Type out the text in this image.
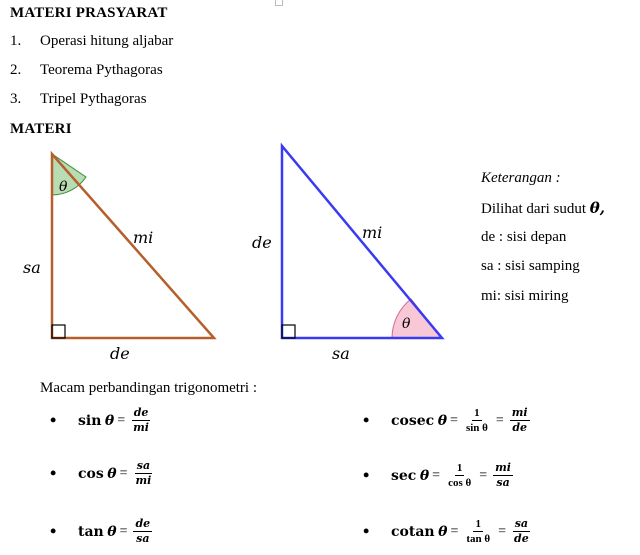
MATERI PRASYARAT
1. Operasi hitung aljabar
2. Teorema Pythagoras
3. Tripel Pythagoras
MATERI
θ
sa
mi
de
θ
de
mi
sa
Keterangan :
Dilihat dari sudut θ,
de : sisi depan
sa : sisi samping
mi: sisi miring
Macam perbandingan trigonometri :
•	sin
$\theta = \frac{de}{mi}$
•	cos
$\theta = \frac{sa}{mi}$
•	tan
$\theta = \frac{de}{sa}$
•	cosec
$\theta = \frac{1}{\text{sin θ}} = \frac{mi}{de}$
•	sec
$\theta = \frac{1}{\text{cos θ}} = \frac{mi}{sa}$
•	cotan
$\theta = \frac{1}{\text{tan θ}} = \frac{sa}{de}$
